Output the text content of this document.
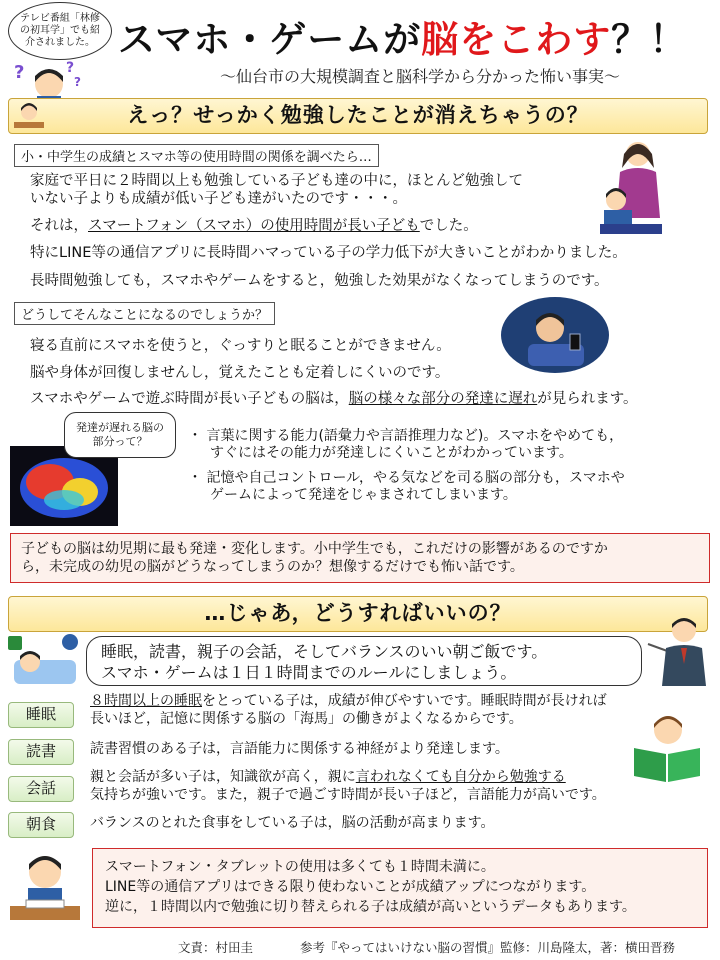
テレビ番組「林修の初耳学」でも紹介されました。
?	?
?
スマホ・ゲームが脳をこわす？！
～仙台市の大規模調査と脳科学から分かった怖い事実～
えっ？せっかく勉強したことが消えちゃうの？
小・中学生の成績とスマホ等の使用時間の関係を調べたら…
家庭で平日に２時間以上も勉強している子ども達の中に，ほとんど勉強して
いない子よりも成績が低い子ども達がいたのです・・・。
それは，スマートフォン（スマホ）の使用時間が長い子どもでした。
特にLINE等の通信アプリに長時間ハマっている子の学力低下が大きいことがわかりました。
長時間勉強しても，スマホやゲームをすると，勉強した効果がなくなってしまうのです。
どうしてそんなことになるのでしょうか？
寝る直前にスマホを使うと，ぐっすりと眠ることができません。
脳や身体が回復しませんし，覚えたことも定着しにくいのです。
スマホやゲームで遊ぶ時間が長い子どもの脳は，脳の様々な部分の発達に遅れが見られます。
発達が遅れる脳の部分って？	・ 言葉に関する能力(語彙力や言語推理力など)。スマホをやめても，
すぐにはその能力が発達しにくいことがわかっています。
・ 記憶や自己コントロール，やる気などを司る脳の部分も，スマホや
ゲームによって発達をじゃまされてしまいます。
子どもの脳は幼児期に最も発達・変化します。小中学生でも，これだけの影響があるのですか
ら，未完成の幼児の脳がどうなってしまうのか？想像するだけでも怖い話です。
…じゃあ，どうすればいいの？
睡眠，読書，親子の会話，そしてバランスのいい朝ご飯です。
スマホ・ゲームは１日１時間までのルールにしましょう。
睡眠
８時間以上の睡眠をとっている子は，成績が伸びやすいです。睡眠時間が長ければ
長いほど，記憶に関係する脳の「海馬」の働きがよくなるからです。
読書	読書習慣のある子は，言語能力に関係する神経がより発達します。
会話
親と会話が多い子は，知識欲が高く，親に言われなくても自分から勉強する
気持ちが強いです。また，親子で過ごす時間が長い子ほど，言語能力が高いです。
朝食	バランスのとれた食事をしている子は，脳の活動が高まります。
スマートフォン・タブレットの使用は多くても１時間未満に。
LINE等の通信アプリはできる限り使わないことが成績アップにつながります。
逆に，１時間以内で勉強に切り替えられる子は成績が高いというデータもあります。
文責：村田圭	参考『やってはいけない脳の習慣』監修：川島隆太，著：横田晋務
